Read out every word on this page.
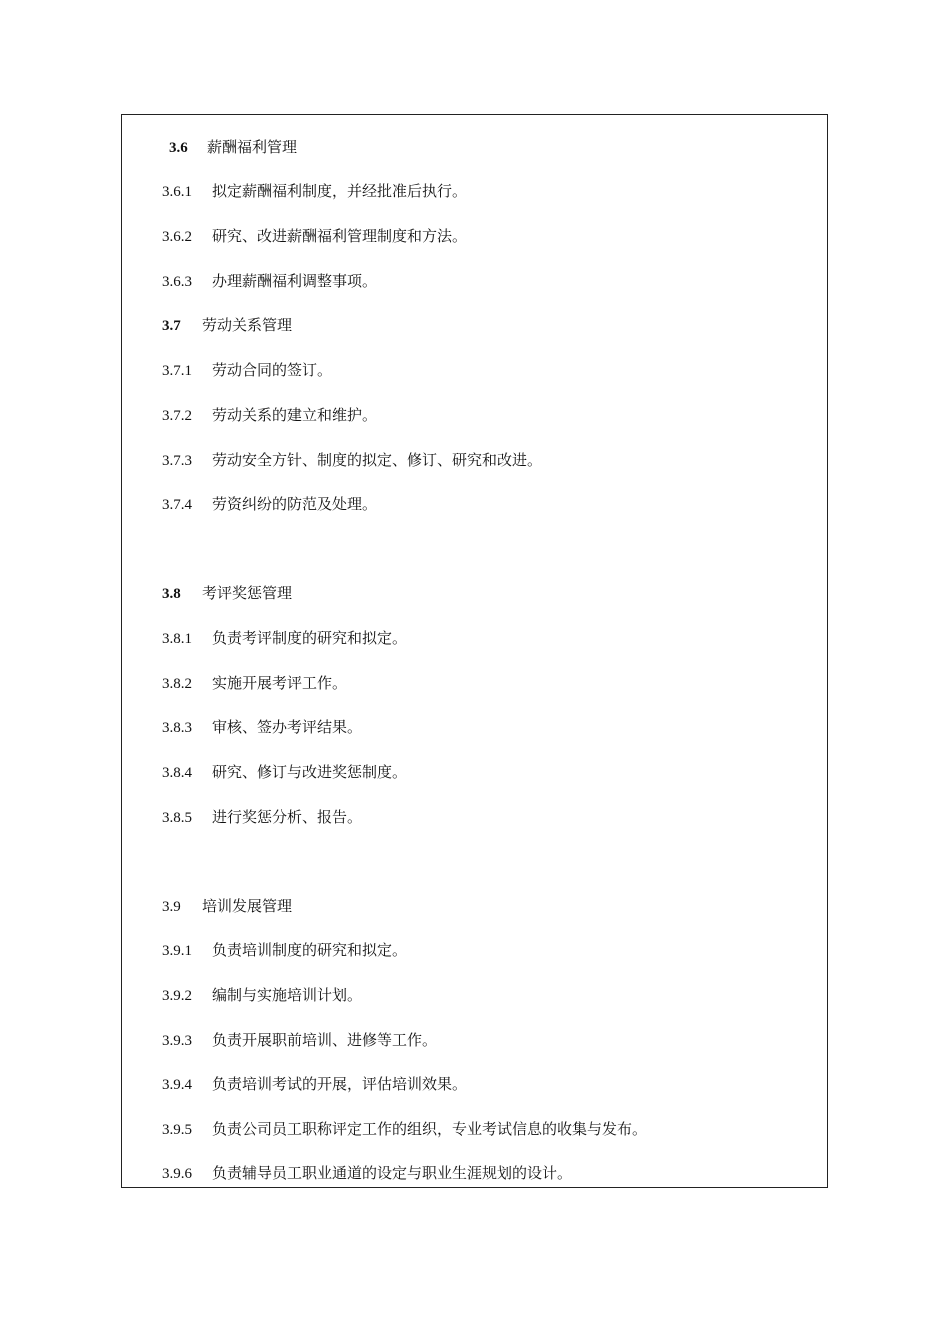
3.6 薪酬福利管理
3.6.1 拟定薪酬福利制度，并经批准后执行。
3.6.2 研究、改进薪酬福利管理制度和方法。
3.6.3 办理薪酬福利调整事项。
3.7 劳动关系管理
3.7.1 劳动合同的签订。
3.7.2 劳动关系的建立和维护。
3.7.3 劳动安全方针、制度的拟定、修订、研究和改进。
3.7.4 劳资纠纷的防范及处理。
3.8 考评奖惩管理
3.8.1 负责考评制度的研究和拟定。
3.8.2 实施开展考评工作。
3.8.3 审核、签办考评结果。
3.8.4 研究、修订与改进奖惩制度。
3.8.5 进行奖惩分析、报告。
3.9 培训发展管理
3.9.1 负责培训制度的研究和拟定。
3.9.2 编制与实施培训计划。
3.9.3 负责开展职前培训、进修等工作。
3.9.4 负责培训考试的开展，评估培训效果。
3.9.5 负责公司员工职称评定工作的组织，专业考试信息的收集与发布。
3.9.6 负责辅导员工职业通道的设定与职业生涯规划的设计。
